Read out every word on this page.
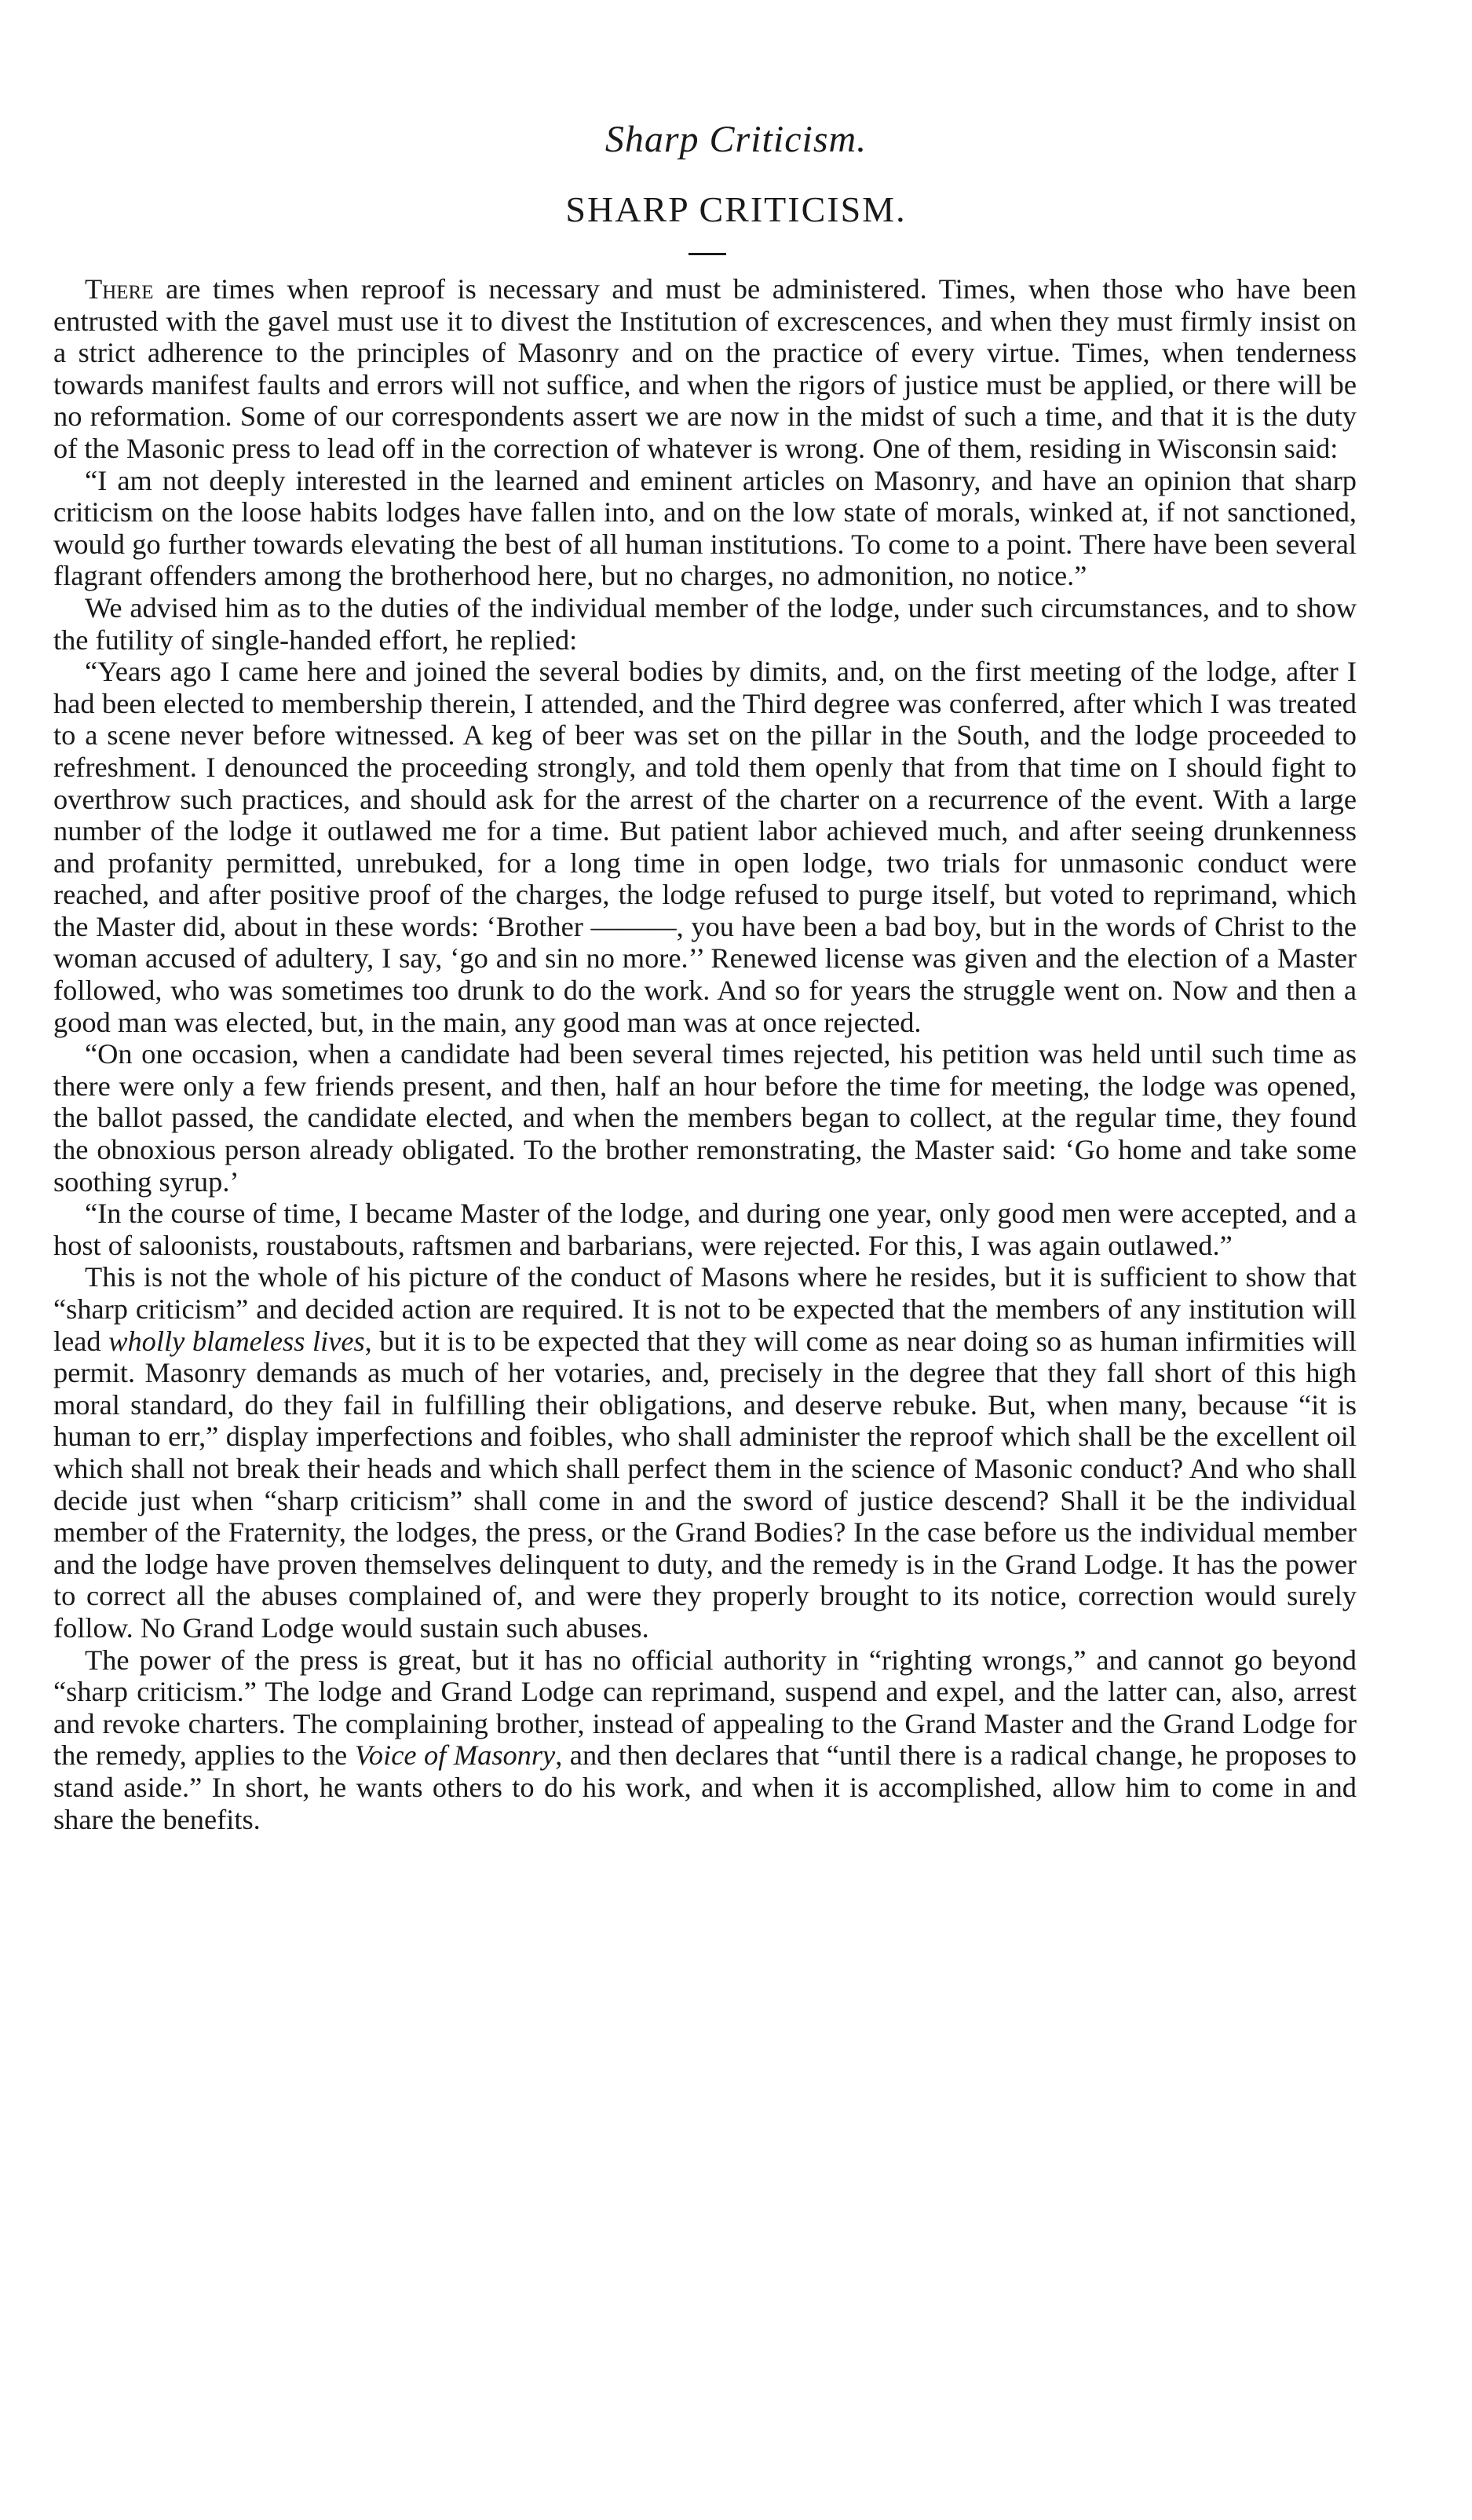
Sharp Criticism.
SHARP CRITICISM.

There are times when reproof is necessary and must be administered. Times, when those who have been entrusted with the gavel must use it to divest the Institution of excrescences, and when they must firmly insist on a strict adherence to the principles of Masonry and on the practice of every virtue. Times, when tenderness towards manifest faults and errors will not suffice, and when the rigors of justice must be applied, or there will be no reformation. Some of our correspondents assert we are now in the midst of such a time, and that it is the duty of the Masonic press to lead off in the correction of whatever is wrong. One of them, residing in Wisconsin said:

“I am not deeply interested in the learned and eminent articles on Masonry, and have an opinion that sharp criticism on the loose habits lodges have fallen into, and on the low state of morals, winked at, if not sanctioned, would go further towards elevating the best of all human institutions. To come to a point. There have been several flagrant offenders among the brotherhood here, but no charges, no admonition, no notice.”

We advised him as to the duties of the individual member of the lodge, under such circumstances, and to show the futility of single-handed effort, he replied:

“Years ago I came here and joined the several bodies by dimits, and, on the first meeting of the lodge, after I had been elected to membership therein, I attended, and the Third degree was conferred, after which I was treated to a scene never before witnessed. A keg of beer was set on the pillar in the South, and the lodge proceeded to refreshment. I denounced the proceeding strongly, and told them openly that from that time on I should fight to overthrow such practices, and should ask for the arrest of the charter on a recurrence of the event. With a large number of the lodge it outlawed me for a time. But patient labor achieved much, and after seeing drunkenness and profanity permitted, unrebuked, for a long time in open lodge, two trials for unmasonic conduct were reached, and after positive proof of the charges, the lodge refused to purge itself, but voted to reprimand, which the Master did, about in these words: ‘Brother ———, you have been a bad boy, but in the words of Christ to the woman accused of adultery, I say, ‘go and sin no more.’’ Renewed license was given and the election of a Master followed, who was sometimes too drunk to do the work. And so for years the struggle went on. Now and then a good man was elected, but, in the main, any good man was at once rejected.

“On one occasion, when a candidate had been several times rejected, his petition was held until such time as there were only a few friends present, and then, half an hour before the time for meeting, the lodge was opened, the ballot passed, the candidate elected, and when the members began to collect, at the regular time, they found the obnoxious person already obligated. To the brother remonstrating, the Master said: ‘Go home and take some soothing syrup.’

“In the course of time, I became Master of the lodge, and during one year, only good men were accepted, and a host of saloonists, roustabouts, raftsmen and barbarians, were rejected. For this, I was again outlawed.”

This is not the whole of his picture of the conduct of Masons where he resides, but it is sufficient to show that “sharp criticism” and decided action are required. It is not to be expected that the members of any institution will lead wholly blameless lives, but it is to be expected that they will come as near doing so as human infirmities will permit. Masonry demands as much of her votaries, and, precisely in the degree that they fall short of this high moral standard, do they fail in fulfilling their obligations, and deserve rebuke. But, when many, because “it is human to err,” display imperfections and foibles, who shall administer the reproof which shall be the excellent oil which shall not break their heads and which shall perfect them in the science of Masonic conduct? And who shall decide just when “sharp criticism” shall come in and the sword of justice descend? Shall it be the individual member of the Fraternity, the lodges, the press, or the Grand Bodies? In the case before us the individual member and the lodge have proven themselves delinquent to duty, and the remedy is in the Grand Lodge. It has the power to correct all the abuses complained of, and were they properly brought to its notice, correction would surely follow. No Grand Lodge would sustain such abuses.

The power of the press is great, but it has no official authority in “righting wrongs,” and cannot go beyond “sharp criticism.” The lodge and Grand Lodge can reprimand, suspend and expel, and the latter can, also, arrest and revoke charters. The complaining brother, instead of appealing to the Grand Master and the Grand Lodge for the remedy, applies to the Voice of Masonry, and then declares that “until there is a radical change, he proposes to stand aside.” In short, he wants others to do his work, and when it is accomplished, allow him to come in and share the benefits.
